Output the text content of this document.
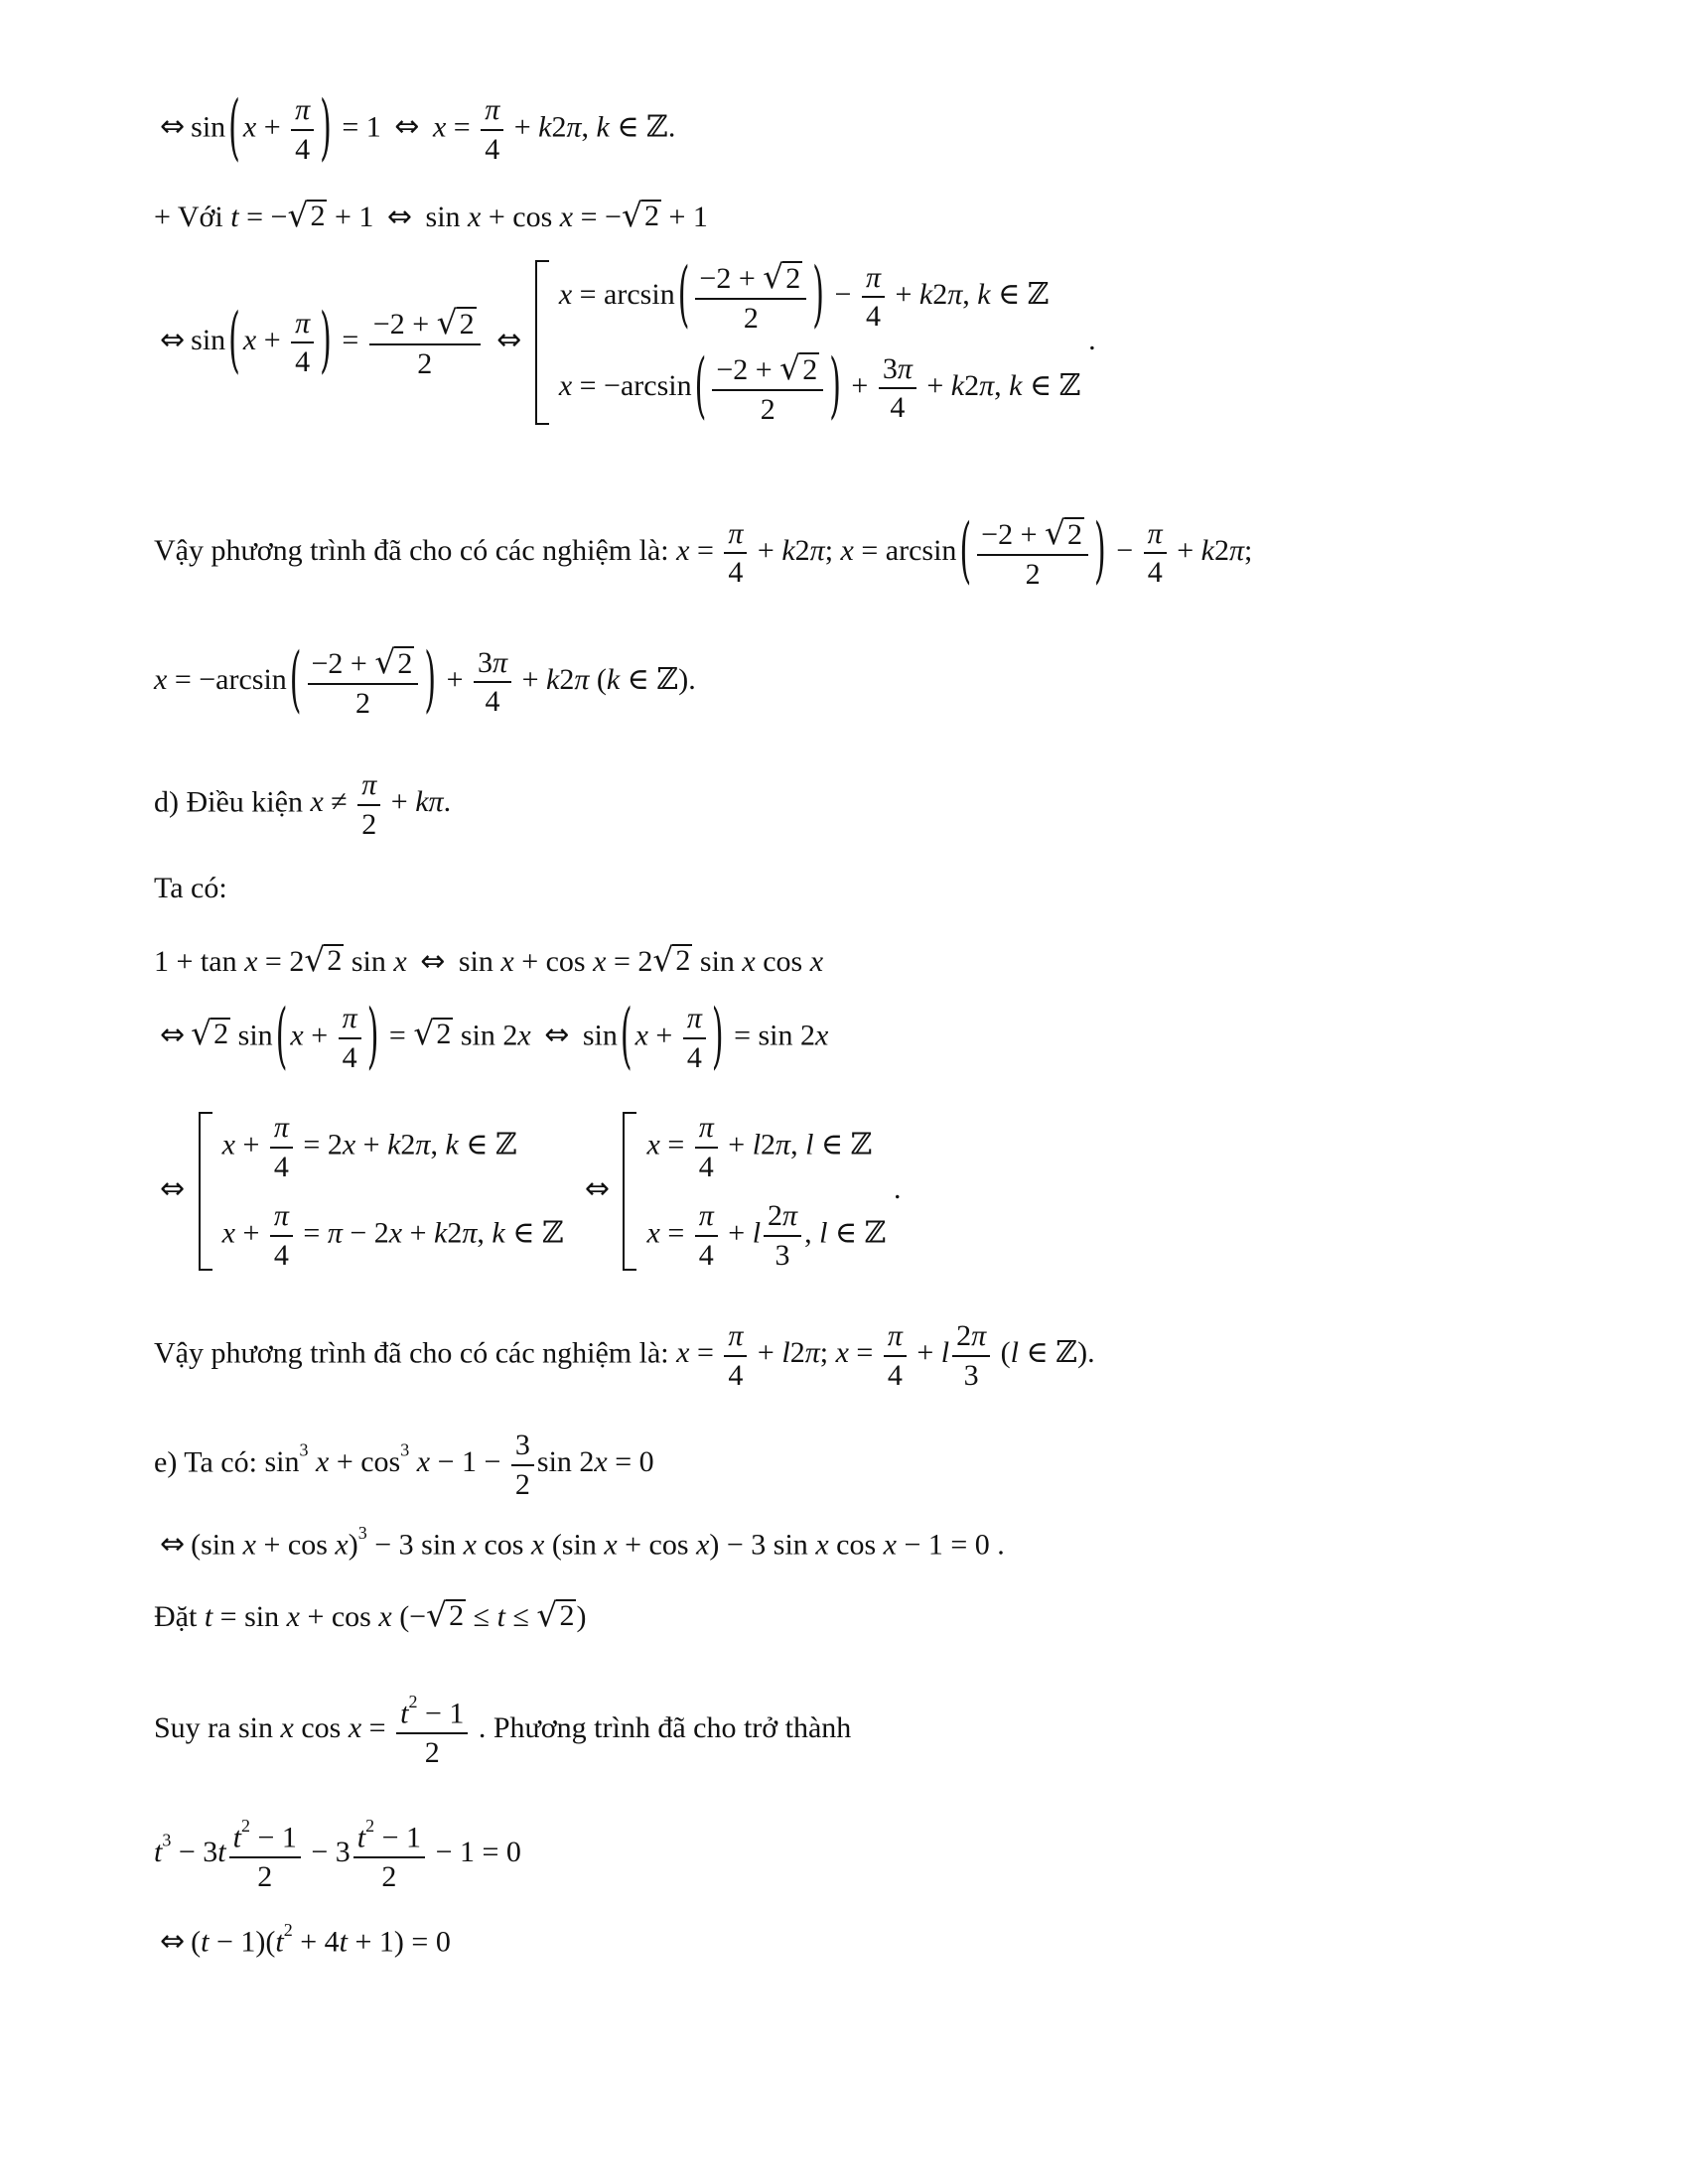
⇔ sin ( $x + \frac{\pi}{4}$ ) = 1 ⇔ $x = \frac{\pi}{4} + k2\pi$, k ∈ ℤ.
+ Với t = − √ 2 + 1 ⇔ sin x + cos x = − √ 2 + 1
⇔ sin ( $x + \frac{\pi}{4}$ ) = $\frac{-2 + √ 2}{2}$ ⇔
x = arcsin ( $\frac{-2 + √ 2}{2}$ ) − $\frac{\pi}{4} + k2\pi$, k ∈ ℤ
x = −arcsin ( $\frac{-2 + √ 2}{2}$ ) + $\frac{3\pi}{4} + k2\pi$, k ∈ ℤ
.
Vậy phương trình đã cho có các nghiệm là: $x = \frac{\pi}{4} + k2\pi$; x = arcsin ( $\frac{-2 + √ 2}{2}$ ) − $\frac{\pi}{4} + k2\pi$;
x = −arcsin ( $\frac{-2 + √ 2}{2}$ ) + $\frac{3\pi}{4} + k2\pi$ (k ∈ ℤ).
d) Điều kiện $x \ne \frac{\pi}{2} + k\pi$.
Ta có:
1 + tan x = 2 √ 2 sin x ⇔ sin x + cos x = 2 √ 2 sin x cos x
⇔ √ 2 sin ( $x + \frac{\pi}{4}$ ) = √ 2 sin 2x ⇔ sin ( $x + \frac{\pi}{4}$ ) = sin 2x
⇔
$x + \frac{\pi}{4} = 2x + k2\pi$, k ∈ ℤ
$x + \frac{\pi}{4} = \pi - 2x + k2\pi$, k ∈ ℤ
⇔
$x = \frac{\pi}{4} + l2\pi$, l ∈ ℤ
$x = \frac{\pi}{4} + l \frac{2\pi}{3}$ , l ∈ ℤ
.
Vậy phương trình đã cho có các nghiệm là: $x = \frac{\pi}{4} + l2\pi$; $x = \frac{\pi}{4} + l \frac{2\pi}{3} (l$ ∈ ℤ).
e) Ta có: $\sin^3 x + \cos^3 x - 1 - \frac{3}{2}$ sin 2x = 0
⇔ (sin x + cos x)$^3$ − 3 sin x cos x (sin x + cos x) − 3 sin x cos x − 1 = 0 .
Đặt t = sin x + cos x (− √ 2 ≤ t ≤ √ 2 )
Suy ra sin x $\cos x = \frac{t^2 - 1}{2}$ . Phương trình đã cho trở thành
$t^3 - 3t \frac{t^2 - 1}{2} - 3 \frac{t^2 - 1}{2} - 1 = 0$
⇔ $(t - 1)(t^2 + 4t + 1) = 0$
